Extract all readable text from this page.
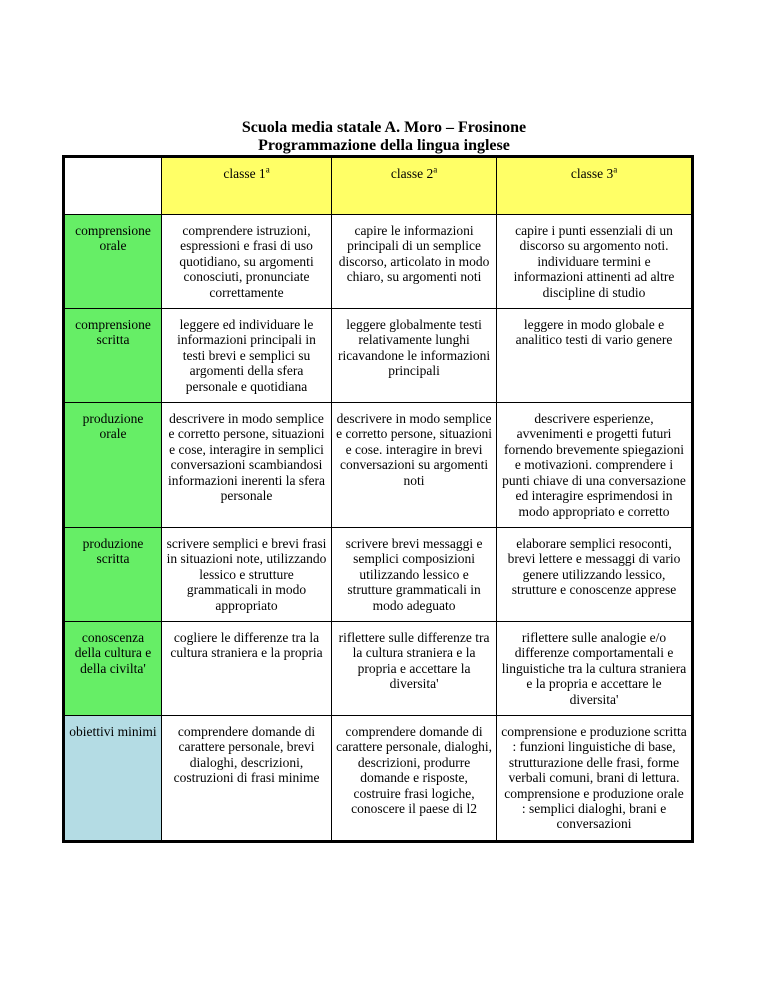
Scuola media statale A. Moro – Frosinone
Programmazione della lingua inglese
	classe 1$^a$	classe 2$^a$	classe 3$^a$
comprensione orale	comprendere istruzioni, espressioni e frasi di uso quotidiano, su argomenti conosciuti, pronunciate correttamente	capire le informazioni principali di un semplice discorso, articolato in modo chiaro, su argomenti noti	capire i punti essenziali di un discorso su argomento noti. individuare termini e informazioni attinenti ad altre discipline di studio
comprensione scritta	leggere ed individuare le informazioni principali in testi brevi e semplici su argomenti della sfera personale e quotidiana	leggere globalmente testi relativamente lunghi ricavandone le informazioni principali	leggere in modo globale e analitico testi di vario genere
produzione orale	descrivere in modo semplice e corretto persone, situazioni e cose, interagire in semplici conversazioni scambiandosi informazioni inerenti la sfera personale	descrivere in modo semplice e corretto persone, situazioni e cose. interagire in brevi conversazioni su argomenti noti	descrivere esperienze, avvenimenti e progetti futuri fornendo brevemente spiegazioni e motivazioni. comprendere i punti chiave di una conversazione ed interagire esprimendosi in modo appropriato e corretto
produzione scritta	scrivere semplici e brevi frasi in situazioni note, utilizzando lessico e strutture grammaticali in modo appropriato	scrivere brevi messaggi e semplici composizioni utilizzando lessico e strutture grammaticali in modo adeguato	elaborare semplici resoconti, brevi lettere e messaggi di vario genere utilizzando lessico, strutture e conoscenze apprese
conoscenza della cultura e della civilta'	cogliere le differenze tra la cultura straniera e la propria	riflettere sulle differenze tra la cultura straniera e la propria e accettare la diversita'	riflettere sulle analogie e/o differenze comportamentali e linguistiche tra la cultura straniera e la propria e accettare le diversita'
obiettivi minimi	comprendere domande di carattere personale, brevi dialoghi, descrizioni, costruzioni di frasi minime	comprendere domande di carattere personale, dialoghi, descrizioni, produrre domande e risposte, costruire frasi logiche, conoscere il paese di l2	comprensione e produzione scritta : funzioni linguistiche di base, strutturazione delle frasi, forme verbali comuni, brani di lettura. comprensione e produzione orale : semplici dialoghi, brani e conversazioni
